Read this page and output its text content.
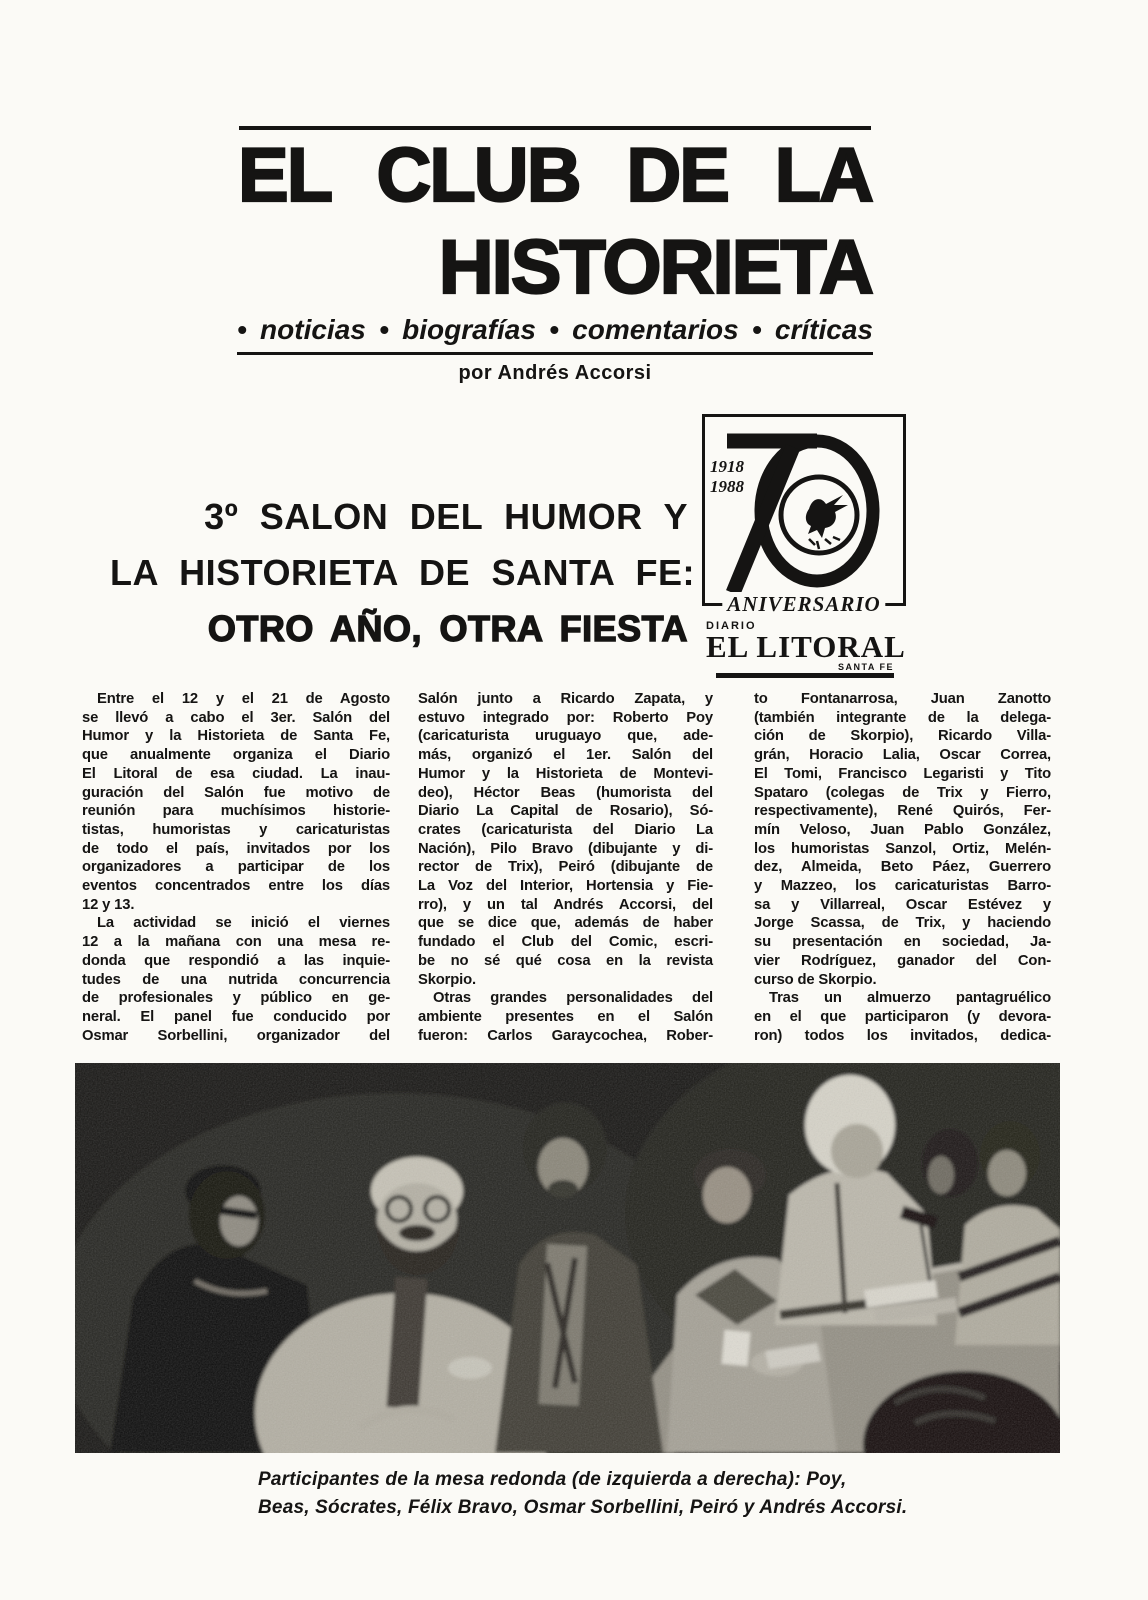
EL CLUB DE LA
HISTORIETA
• noticias • biografías • comentarios • críticas
por Andrés Accorsi
3º SALON DEL HUMOR Y
LA HISTORIETA DE SANTA FE:
OTRO AÑO, OTRA FIESTA
1918
1988
ANIVERSARIO
DIARIO
EL LITORAL
SANTA FE
Entre el 12 y el 21 de Agosto
se llevó a cabo el 3er. Salón del
Humor y la Historieta de Santa Fe,
que anualmente organiza el Diario
El Litoral de esa ciudad. La inau-
guración del Salón fue motivo de
reunión para muchísimos historie-
tistas, humoristas y caricaturistas
de todo el país, invitados por los
organizadores a participar de los
eventos concentrados entre los días
12 y 13.
La actividad se inició el viernes
12 a la mañana con una mesa re-
donda que respondió a las inquie-
tudes de una nutrida concurrencia
de profesionales y público en ge-
neral. El panel fue conducido por
Osmar Sorbellini, organizador del
Salón junto a Ricardo Zapata, y
estuvo integrado por: Roberto Poy
(caricaturista uruguayo que, ade-
más, organizó el 1er. Salón del
Humor y la Historieta de Montevi-
deo), Héctor Beas (humorista del
Diario La Capital de Rosario), Só-
crates (caricaturista del Diario La
Nación), Pilo Bravo (dibujante y di-
rector de Trix), Peiró (dibujante de
La Voz del Interior, Hortensia y Fie-
rro), y un tal Andrés Accorsi, del
que se dice que, además de haber
fundado el Club del Comic, escri-
be no sé qué cosa en la revista
Skorpio.
Otras grandes personalidades del
ambiente presentes en el Salón
fueron: Carlos Garaycochea, Rober-
to Fontanarrosa, Juan Zanotto
(también integrante de la delega-
ción de Skorpio), Ricardo Villa-
grán, Horacio Lalia, Oscar Correa,
El Tomi, Francisco Legaristi y Tito
Spataro (colegas de Trix y Fierro,
respectivamente), René Quirós, Fer-
mín Veloso, Juan Pablo González,
los humoristas Sanzol, Ortiz, Melén-
dez, Almeida, Beto Páez, Guerrero
y Mazzeo, los caricaturistas Barro-
sa y Villarreal, Oscar Estévez y
Jorge Scassa, de Trix, y haciendo
su presentación en sociedad, Ja-
vier Rodríguez, ganador del Con-
curso de Skorpio.
Tras un almuerzo pantagruélico
en el que participaron (y devora-
ron) todos los invitados, dedica-
Participantes de la mesa redonda (de izquierda a derecha): Poy,
Beas, Sócrates, Félix Bravo, Osmar Sorbellini, Peiró y Andrés Accorsi.
